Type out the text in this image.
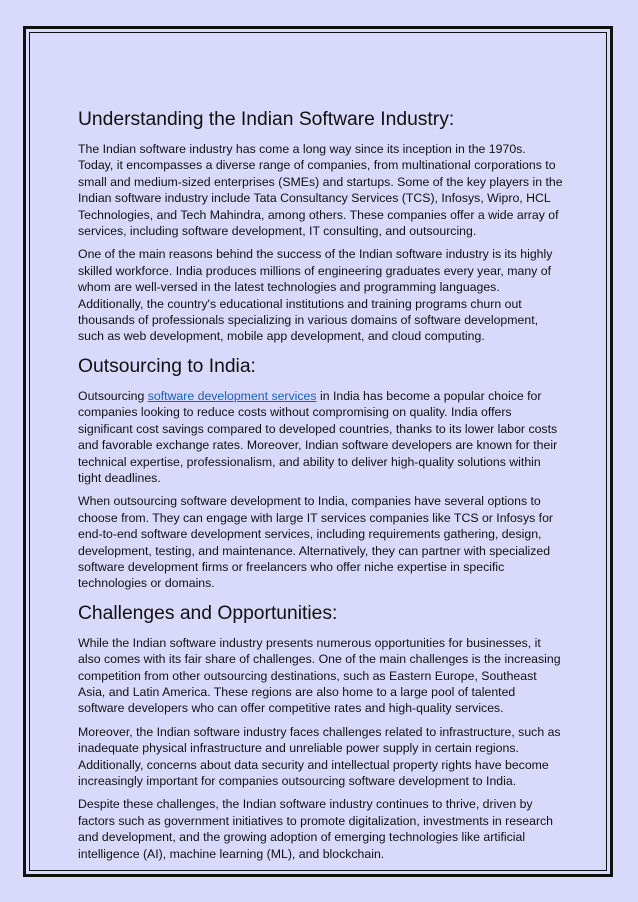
Understanding the Indian Software Industry:

The Indian software industry has come a long way since its inception in the 1970s. Today, it encompasses a diverse range of companies, from multinational corporations to small and medium-sized enterprises (SMEs) and startups. Some of the key players in the Indian software industry include Tata Consultancy Services (TCS), Infosys, Wipro, HCL Technologies, and Tech Mahindra, among others. These companies offer a wide array of services, including software development, IT consulting, and outsourcing.

One of the main reasons behind the success of the Indian software industry is its highly skilled workforce. India produces millions of engineering graduates every year, many of whom are well-versed in the latest technologies and programming languages. Additionally, the country's educational institutions and training programs churn out thousands of professionals specializing in various domains of software development, such as web development, mobile app development, and cloud computing.

Outsourcing to India:

Outsourcing software development services in India has become a popular choice for companies looking to reduce costs without compromising on quality. India offers significant cost savings compared to developed countries, thanks to its lower labor costs and favorable exchange rates. Moreover, Indian software developers are known for their technical expertise, professionalism, and ability to deliver high-quality solutions within tight deadlines.

When outsourcing software development to India, companies have several options to choose from. They can engage with large IT services companies like TCS or Infosys for end-to-end software development services, including requirements gathering, design, development, testing, and maintenance. Alternatively, they can partner with specialized software development firms or freelancers who offer niche expertise in specific technologies or domains.

Challenges and Opportunities:

While the Indian software industry presents numerous opportunities for businesses, it also comes with its fair share of challenges. One of the main challenges is the increasing competition from other outsourcing destinations, such as Eastern Europe, Southeast Asia, and Latin America. These regions are also home to a large pool of talented software developers who can offer competitive rates and high-quality services.

Moreover, the Indian software industry faces challenges related to infrastructure, such as inadequate physical infrastructure and unreliable power supply in certain regions. Additionally, concerns about data security and intellectual property rights have become increasingly important for companies outsourcing software development to India.

Despite these challenges, the Indian software industry continues to thrive, driven by factors such as government initiatives to promote digitalization, investments in research and development, and the growing adoption of emerging technologies like artificial intelligence (AI), machine learning (ML), and blockchain.
